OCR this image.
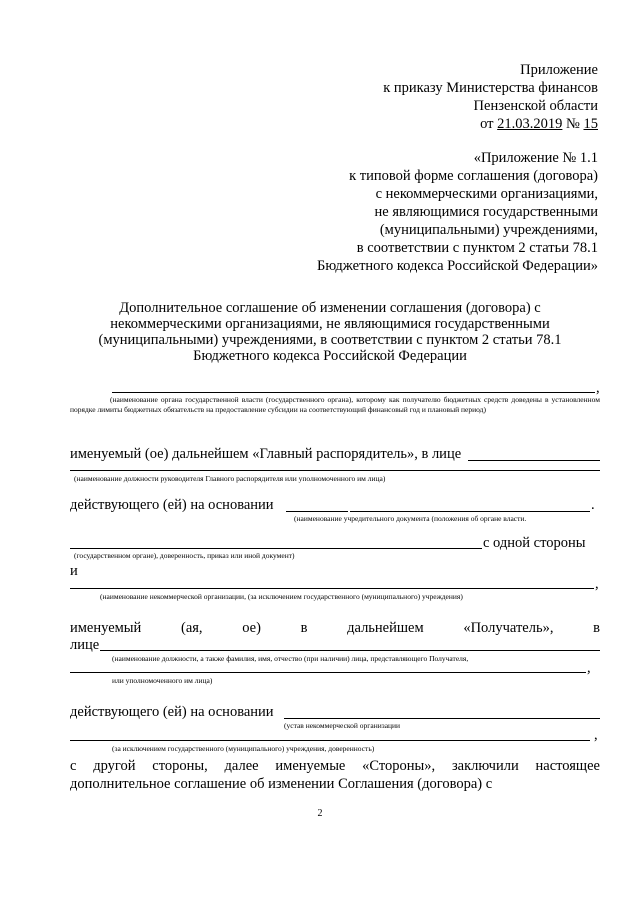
Приложение
к приказу Министерства финансов
Пензенской области
от 21.03.2019 № 15
«Приложение № 1.1
к типовой форме соглашения (договора)
с некоммерческими организациями,
не являющимися государственными
(муниципальными) учреждениями,
в соответствии с пунктом 2 статьи 78.1
Бюджетного кодекса Российской Федерации»
Дополнительное соглашение об изменении соглашения (договора) с
некоммерческими организациями, не являющимися государственными
(муниципальными) учреждениями, в соответствии с пунктом 2 статьи 78.1
Бюджетного кодекса Российской Федерации
,
(наименование органа государственной власти (государственного органа), которому как получателю бюджетных средств доведены в установленном порядке лимиты бюджетных обязательств на предоставление субсидии на соответствующий финансовый год и плановый период)
именуемый (ое) дальнейшем «Главный распорядитель», в лице
(наименование должности руководителя Главного распорядителя или уполномоченного им лица)
действующего (ей) на основании	.
(наименование учредительного документа (положения об органе власти.
с одной стороны
(государственном органе), доверенность, приказ или иной документ)
и
,
(наименование некоммерческой организации, (за исключением государственного (муниципального) учреждения)
именуемый	(ая,	ое)	в	дальнейшем	«Получатель»,	в
лице
(наименование должности, а также фамилия, имя, отчество (при наличии) лица, представляющего Получателя,
,
или уполномоченного им лица)
действующего (ей) на основании
(устав некоммерческой организации
,
(за исключением государственного (муниципального) учреждения, доверенность)
с другой стороны, далее именуемые «Стороны», заключили настоящее
дополнительное соглашение об изменении Соглашения (договора) с
2
